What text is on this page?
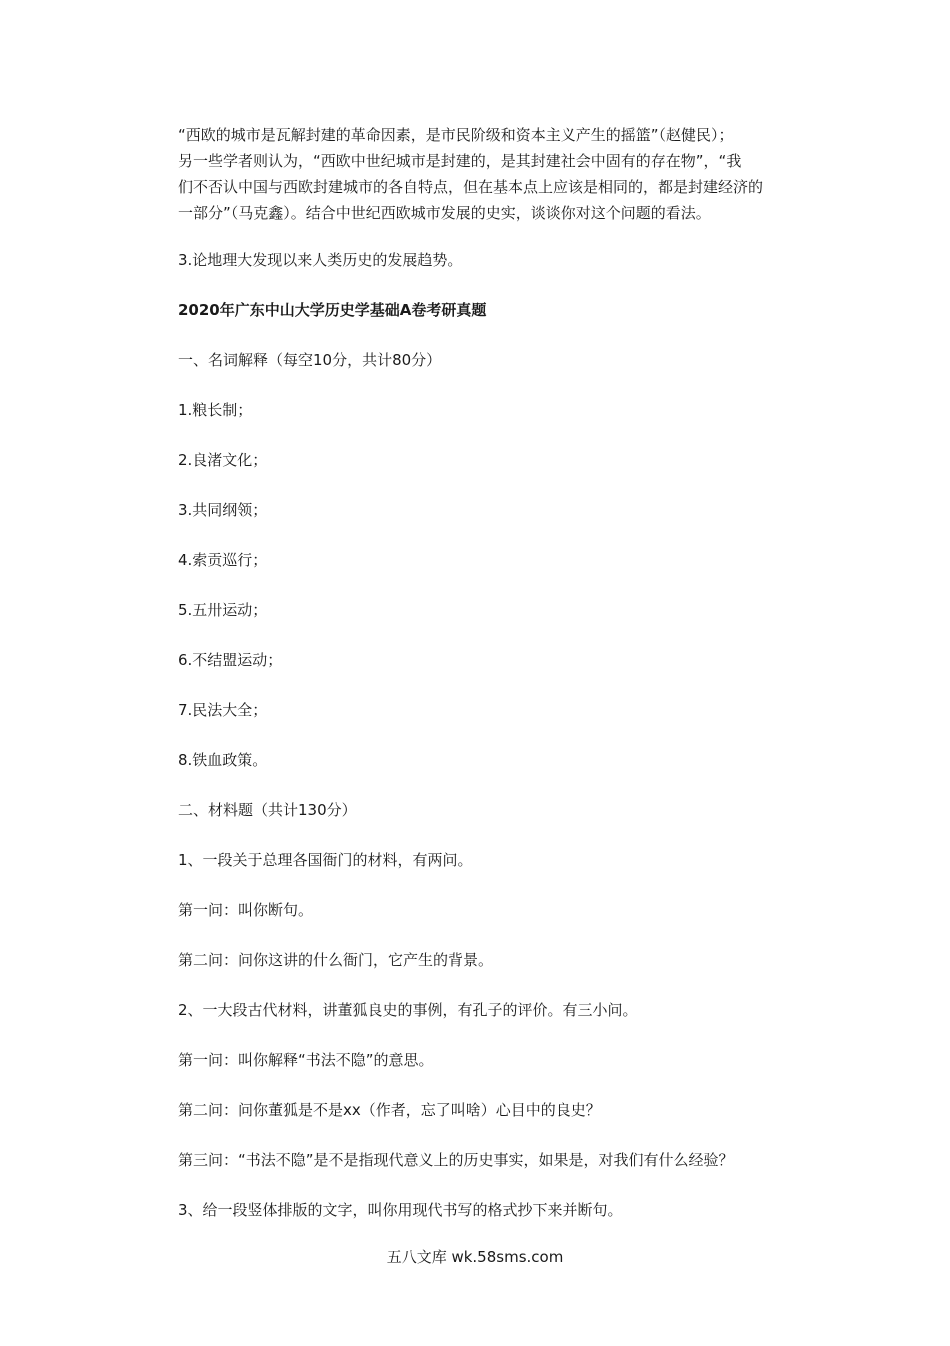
“西欧的城市是瓦解封建的革命因素，是市民阶级和资本主义产生的摇篮”（赵健民）；
另一些学者则认为，“西欧中世纪城市是封建的，是其封建社会中固有的存在物”，“我
们不否认中国与西欧封建城市的各自特点，但在基本点上应该是相同的，都是封建经济的
一部分”（马克鑫）。结合中世纪西欧城市发展的史实，谈谈你对这个问题的看法。
3.论地理大发现以来人类历史的发展趋势。
2020年广东中山大学历史学基础A卷考研真题
一、名词解释（每空10分，共计80分）
1.粮长制；
2.良渚文化；
3.共同纲领；
4.索贡巡行；
5.五卅运动；
6.不结盟运动；
7.民法大全；
8.铁血政策。
二、材料题（共计130分）
1、一段关于总理各国衙门的材料，有两问。
第一问：叫你断句。
第二问：问你这讲的什么衙门，它产生的背景。
2、一大段古代材料，讲董狐良史的事例，有孔子的评价。有三小问。
第一问：叫你解释“书法不隐”的意思。
第二问：问你董狐是不是xx（作者，忘了叫啥）心目中的良史？
第三问：“书法不隐”是不是指现代意义上的历史事实，如果是，对我们有什么经验？
3、给一段竖体排版的文字，叫你用现代书写的格式抄下来并断句。
五八文库 wk.58sms.com
